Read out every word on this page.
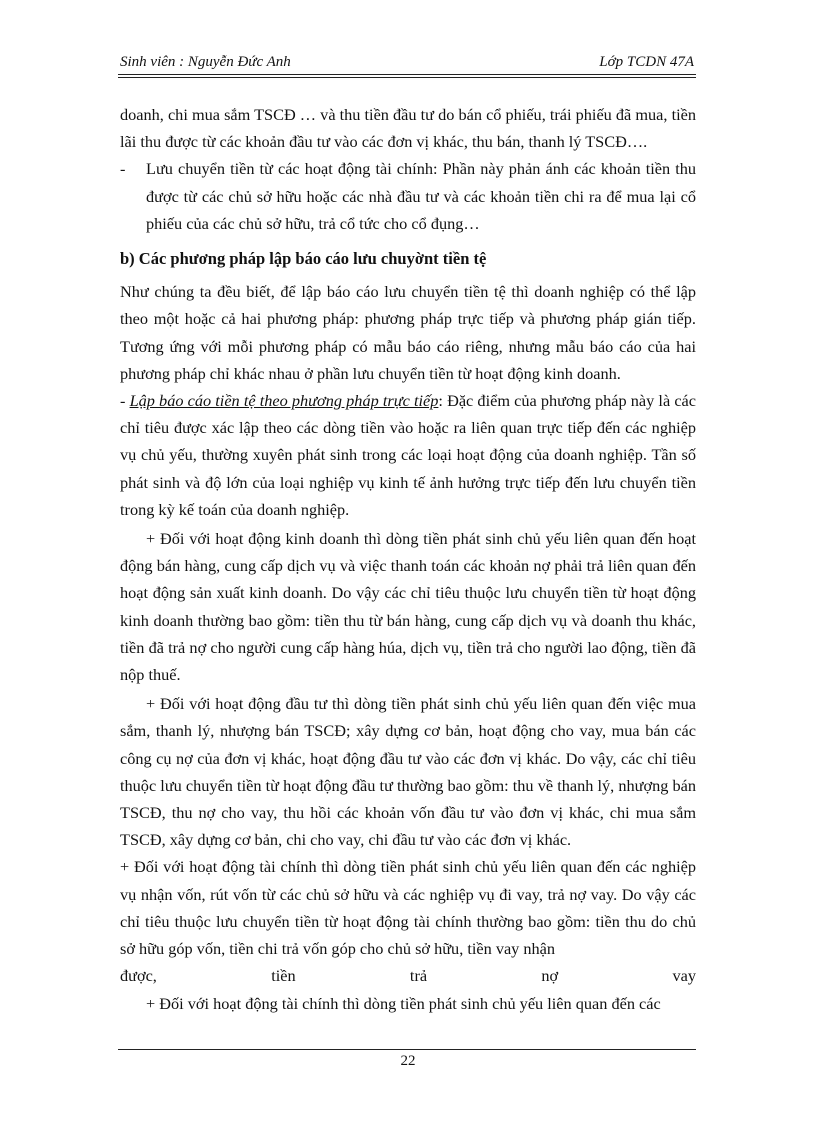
Sinh viên : Nguyễn Đức Anh	Lớp TCDN 47A

doanh, chi mua sắm TSCĐ … và thu tiền đầu tư do bán cổ phiếu, trái phiếu đã mua, tiền lãi thu được từ các khoản đầu tư vào các đơn vị khác, thu bán, thanh lý TSCĐ….

- Lưu chuyển tiền từ các hoạt động tài chính: Phần này phản ánh các khoản tiền thu được từ các chủ sở hữu hoặc các nhà đầu tư và các khoản tiền chi ra để mua lại cổ phiếu của các chủ sở hữu, trả cổ tức cho cổ đụng…

b) Các phương pháp lập báo cáo lưu chuyờnt tiền tệ

Như chúng ta đều biết, để lập báo cáo lưu chuyển tiền tệ thì doanh nghiệp có thể lập theo một hoặc cả hai phương pháp: phương pháp trực tiếp và phương pháp gián tiếp. Tương ứng với mỗi phương pháp có mẫu báo cáo riêng, nhưng mẫu báo cáo của hai phương pháp chỉ khác nhau ở phần lưu chuyển tiền từ hoạt động kinh doanh.

- Lập báo cáo tiền tệ theo phương pháp trực tiếp: Đặc điểm của phương pháp này là các chỉ tiêu được xác lập theo các dòng tiền vào hoặc ra liên quan trực tiếp đến các nghiệp vụ chủ yếu, thường xuyên phát sinh trong các loại hoạt động của doanh nghiệp. Tần số phát sinh và độ lớn của loại nghiệp vụ kinh tế ảnh hưởng trực tiếp đến lưu chuyển tiền trong kỳ kế toán của doanh nghiệp.

+ Đối với hoạt động kinh doanh thì dòng tiền phát sinh chủ yếu liên quan đến hoạt động bán hàng, cung cấp dịch vụ và việc thanh toán các khoản nợ phải trả liên quan đến hoạt động sản xuất kinh doanh. Do vậy các chỉ tiêu thuộc lưu chuyển tiền từ hoạt động kinh doanh thường bao gồm: tiền thu từ bán hàng, cung cấp dịch vụ và doanh thu khác, tiền đã trả nợ cho người cung cấp hàng húa, dịch vụ, tiền trả cho người lao động, tiền đã nộp thuế.

+ Đối với hoạt động đầu tư thì dòng tiền phát sinh chủ yếu liên quan đến việc mua sắm, thanh lý, nhượng bán TSCĐ; xây dựng cơ bản, hoạt động cho vay, mua bán các công cụ nợ của đơn vị khác, hoạt động đầu tư vào các đơn vị khác. Do vậy, các chỉ tiêu thuộc lưu chuyển tiền từ hoạt động đầu tư thường bao gồm: thu về thanh lý, nhượng bán TSCĐ, thu nợ cho vay, thu hồi các khoản vốn đầu tư vào đơn vị khác, chi mua sắm TSCĐ, xây dựng cơ bản, chi cho vay, chi đầu tư vào các đơn vị khác.

+ Đối với hoạt động tài chính thì dòng tiền phát sinh chủ yếu liên quan đến các nghiệp vụ nhận vốn, rút vốn từ các chủ sở hữu và các nghiệp vụ đi vay, trả nợ vay. Do vậy các chỉ tiêu thuộc lưu chuyển tiền từ hoạt động tài chính thường bao gồm: tiền thu do chủ sở hữu góp vốn, tiền chi trả vốn góp cho chủ sở hữu, tiền vay nhận

được,	tiền	trả	nợ	vay

+ Đối với hoạt động tài chính thì dòng tiền phát sinh chủ yếu liên quan đến các

22
